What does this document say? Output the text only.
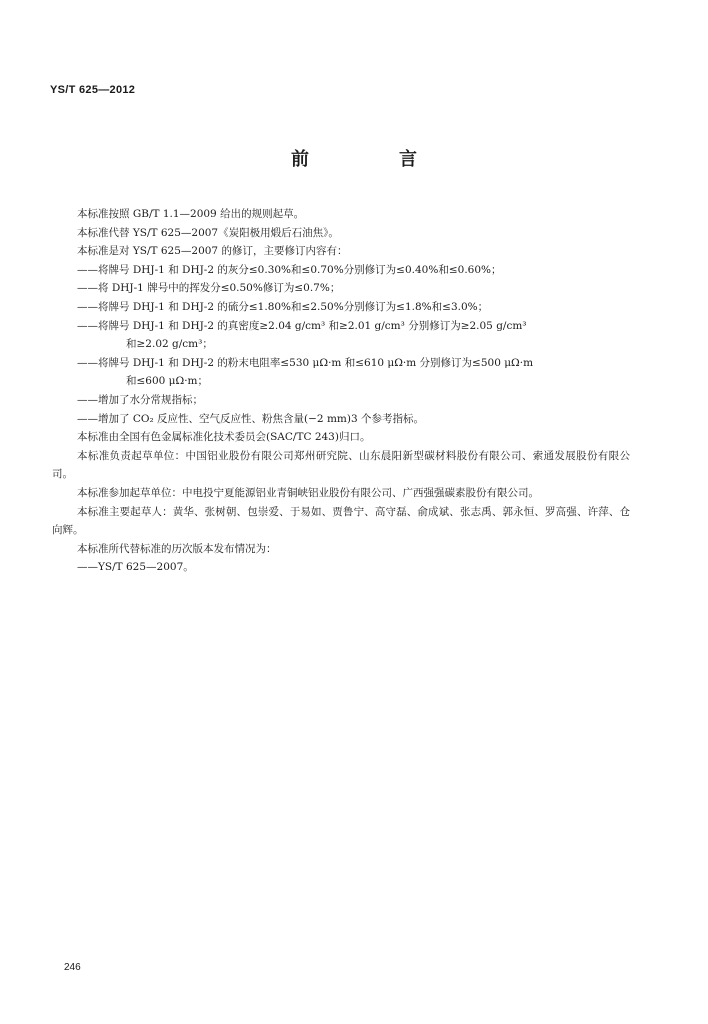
YS/T 625—2012
前　言
本标准按照 GB/T 1.1—2009 给出的规则起草。
本标准代替 YS/T 625—2007《炭阳极用煅后石油焦》。
本标准是对 YS/T 625—2007 的修订，主要修订内容有：
——将牌号 DHJ-1 和 DHJ-2 的灰分≤0.30%和≤0.70%分别修订为≤0.40%和≤0.60%；
——将 DHJ-1 牌号中的挥发分≤0.50%修订为≤0.7%；
——将牌号 DHJ-1 和 DHJ-2 的硫分≤1.80%和≤2.50%分别修订为≤1.8%和≤3.0%；
——将牌号 DHJ-1 和 DHJ-2 的真密度≥2.04 g/cm³ 和≥2.01 g/cm³ 分别修订为≥2.05 g/cm³
和≥2.02 g/cm³；
——将牌号 DHJ-1 和 DHJ-2 的粉末电阻率≤530 μΩ·m 和≤610 μΩ·m 分别修订为≤500 μΩ·m
和≤600 μΩ·m；
——增加了水分常规指标；
——增加了 CO₂ 反应性、空气反应性、粉焦含量(−2 mm)3 个参考指标。
本标准由全国有色金属标准化技术委员会(SAC/TC 243)归口。
本标准负责起草单位：中国铝业股份有限公司郑州研究院、山东晨阳新型碳材料股份有限公司、索通发展股份有限公司。
本标准参加起草单位：中电投宁夏能源铝业青铜峡铝业股份有限公司、广西强强碳素股份有限公司。
本标准主要起草人：黄华、张树朝、包崇爱、于易如、贾鲁宁、高守磊、俞成斌、张志禹、郭永恒、罗高强、许萍、仓向辉。
本标准所代替标准的历次版本发布情况为：
——YS/T 625—2007。
246
